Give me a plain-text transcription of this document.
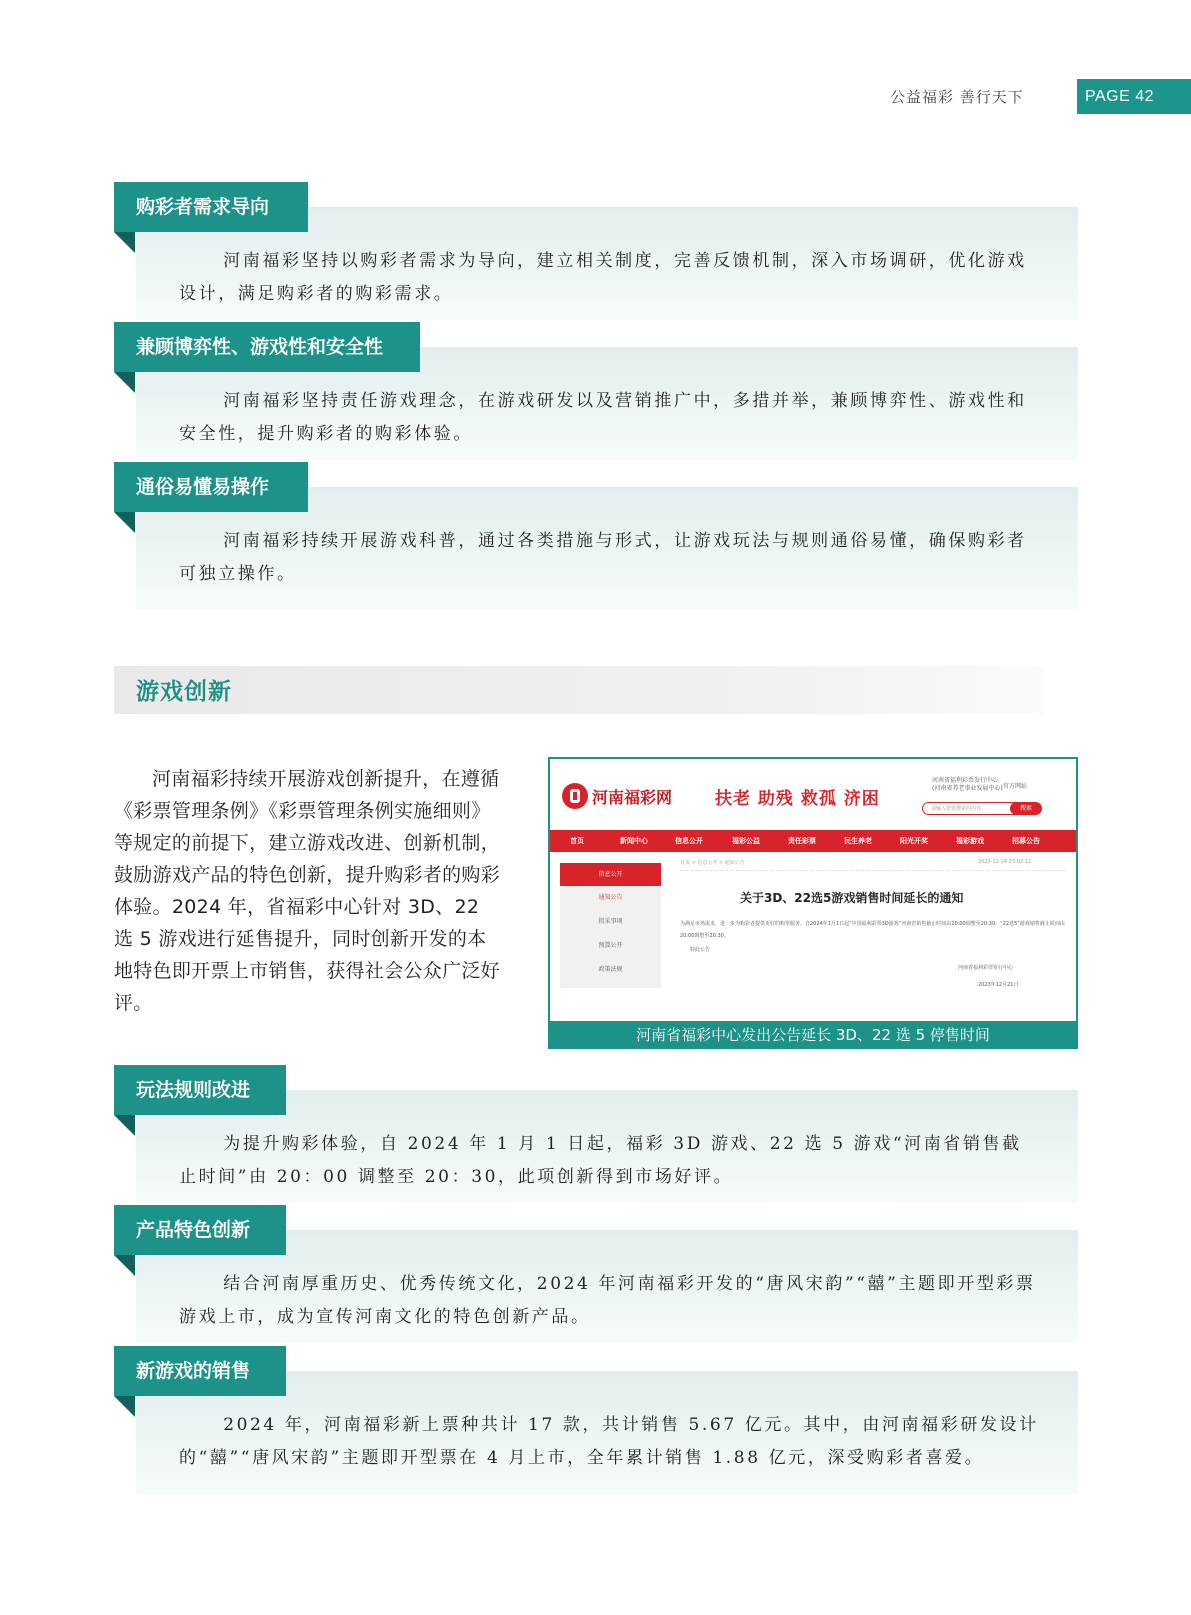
公益福彩 善行天下	PAGE 42
购彩者需求导向

河南福彩坚持以购彩者需求为导向，建立相关制度，完善反馈机制，深入市场调研，优化游戏设计，满足购彩者的购彩需求。

兼顾博弈性、游戏性和安全性

河南福彩坚持责任游戏理念，在游戏研发以及营销推广中，多措并举，兼顾博弈性、游戏性和安全性，提升购彩者的购彩体验。

通俗易懂易操作

河南福彩持续开展游戏科普，通过各类措施与形式，让游戏玩法与规则通俗易懂，确保购彩者可独立操作。

游戏创新

河南福彩持续开展游戏创新提升，在遵循《彩票管理条例》《彩票管理条例实施细则》等规定的前提下，建立游戏改进、创新机制，鼓励游戏产品的特色创新，提升购彩者的购彩体验。2024 年，省福彩中心针对 3D、22 选 5 游戏进行延售提升，同时创新开发的本地特色即开票上市销售，获得社会公众广泛好评。

河南福彩网	扶老 助残 救孤 济困
河南省福利彩票发行中心
(河南省养老事业发展中心) 官方网站
请输入您要搜索的内容	搜索
首页	新闻中心	信息公开	福彩公益	责任彩票	民生养老	阳光开奖	福彩游戏	招募公告
信息公开
通知公告
拟采事项
预算公开
政策法规
首页 > 信息公开 > 通知公告	2023-12-24 23:02:12
关于3D、22选5游戏销售时间延长的通知
为满足市场需求，进一步为购彩者提供更好的购票服务，自2024年1月1日起“中国福利彩票3D游戏”河南省销售截止时间由20:00调整至20:30，“22选5”游戏销售截止时间由20:00调整至20:30。
特此公告
河南省福利彩票发行中心
2023年12月21日
河南省福彩中心发出公告延长 3D、22 选 5 停售时间
玩法规则改进

为提升购彩体验，自 2024 年 1 月 1 日起，福彩 3D 游戏、22 选 5 游戏“河南省销售截止时间”由 20：00 调整至 20：30，此项创新得到市场好评。

产品特色创新

结合河南厚重历史、优秀传统文化，2024 年河南福彩开发的“唐风宋韵”“囍”主题即开型彩票游戏上市，成为宣传河南文化的特色创新产品。

新游戏的销售

2024 年，河南福彩新上票种共计 17 款，共计销售 5.67 亿元。其中，由河南福彩研发设计的“囍”“唐风宋韵”主题即开型票在 4 月上市，全年累计销售 1.88 亿元，深受购彩者喜爱。
